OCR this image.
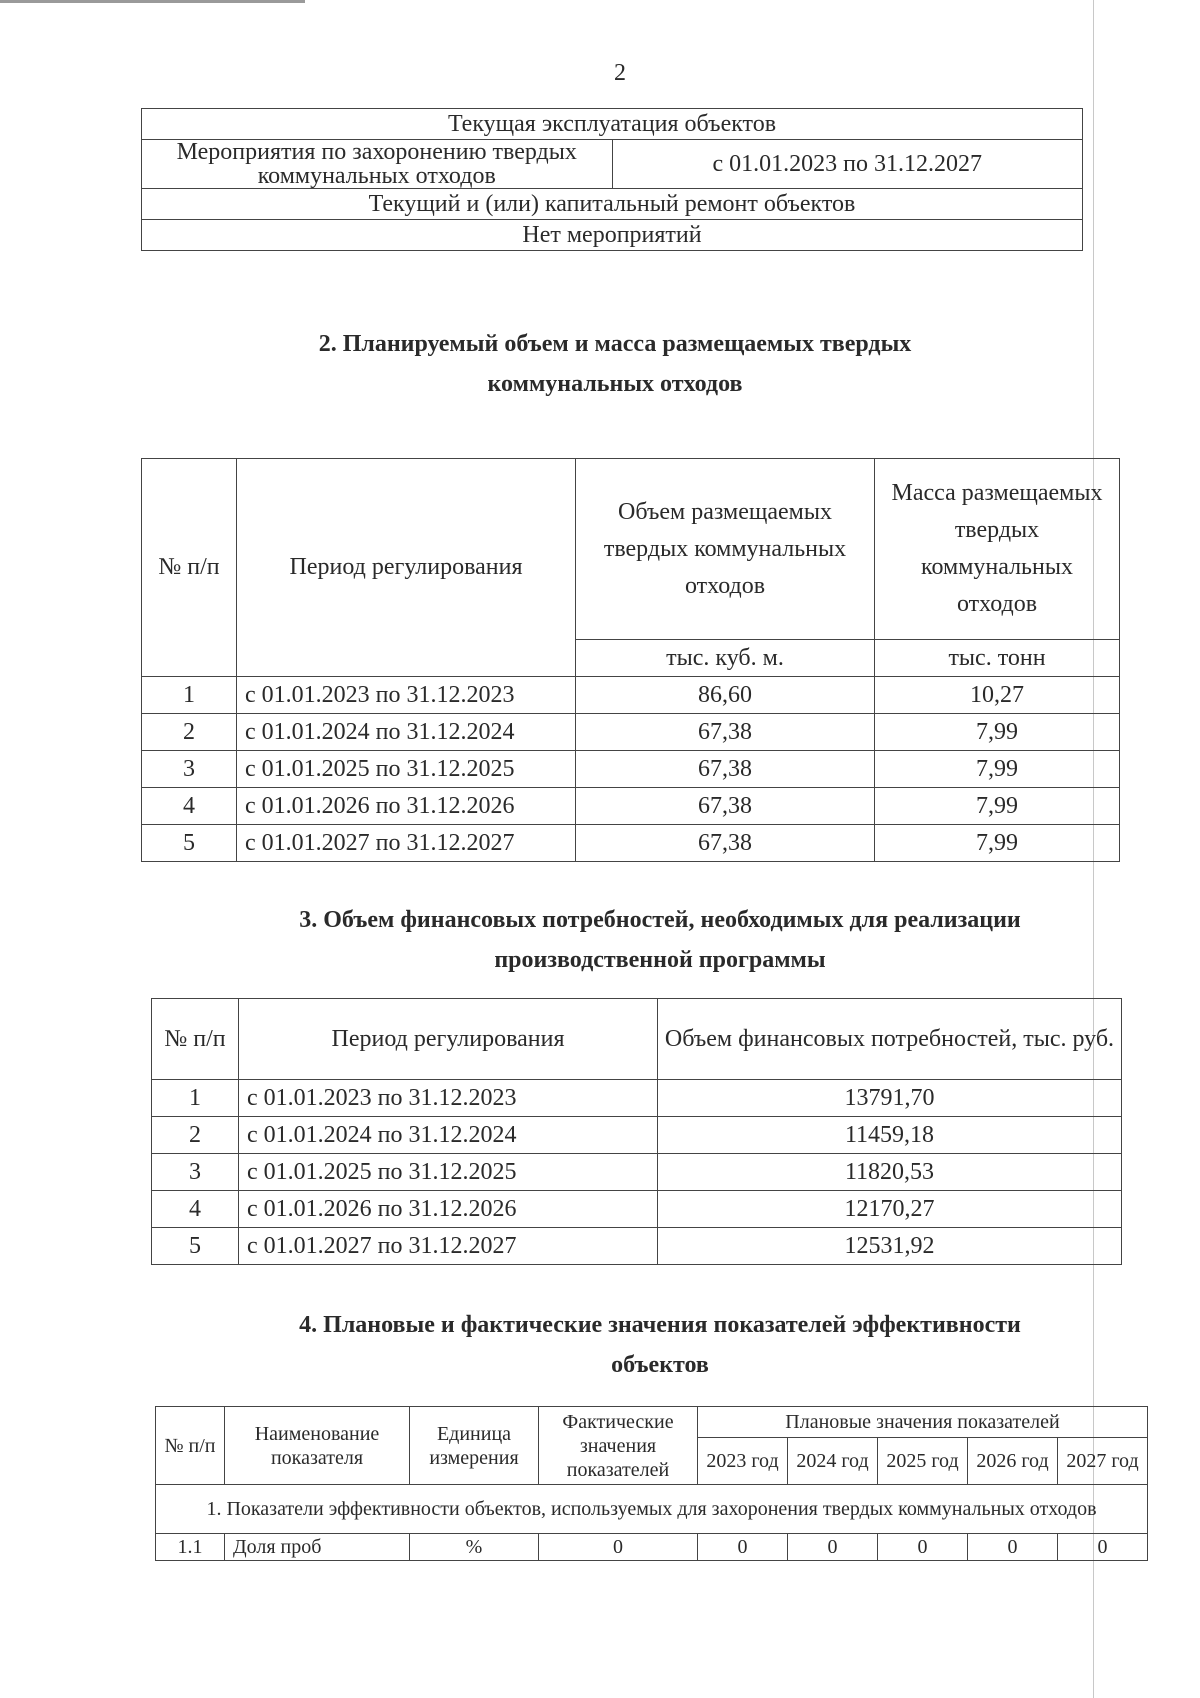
2
Текущая эксплуатация объектов
Мероприятия по захоронению твердых коммунальных отходов	с 01.01.2023 по 31.12.2027
Текущий и (или) капитальный ремонт объектов
Нет мероприятий
2. Планируемый объем и масса размещаемых твердых
коммунальных отходов
№ п/п	Период регулирования	Объем размещаемых твердых коммунальных отходов	Масса размещаемых твердых коммунальных отходов
		тыс. куб. м.	тыс. тонн
1	с 01.01.2023 по 31.12.2023	86,60	10,27
2	с 01.01.2024 по 31.12.2024	67,38	7,99
3	с 01.01.2025 по 31.12.2025	67,38	7,99
4	с 01.01.2026 по 31.12.2026	67,38	7,99
5	с 01.01.2027 по 31.12.2027	67,38	7,99
3. Объем финансовых потребностей, необходимых для реализации
производственной программы
№ п/п	Период регулирования	Объем финансовых потребностей, тыс. руб.
1	с 01.01.2023 по 31.12.2023	13791,70
2	с 01.01.2024 по 31.12.2024	11459,18
3	с 01.01.2025 по 31.12.2025	11820,53
4	с 01.01.2026 по 31.12.2026	12170,27
5	с 01.01.2027 по 31.12.2027	12531,92
4. Плановые и фактические значения показателей эффективности
объектов
№ п/п	Наименование показателя	Единица измерения	Фактические значения показателей	Плановые значения показателей				
				2023 год	2024 год	2025 год	2026 год	2027 год
1. Показатели эффективности объектов, используемых для захоронения твердых коммунальных отходов								
1.1	Доля проб	%	0	0	0	0	0	0
